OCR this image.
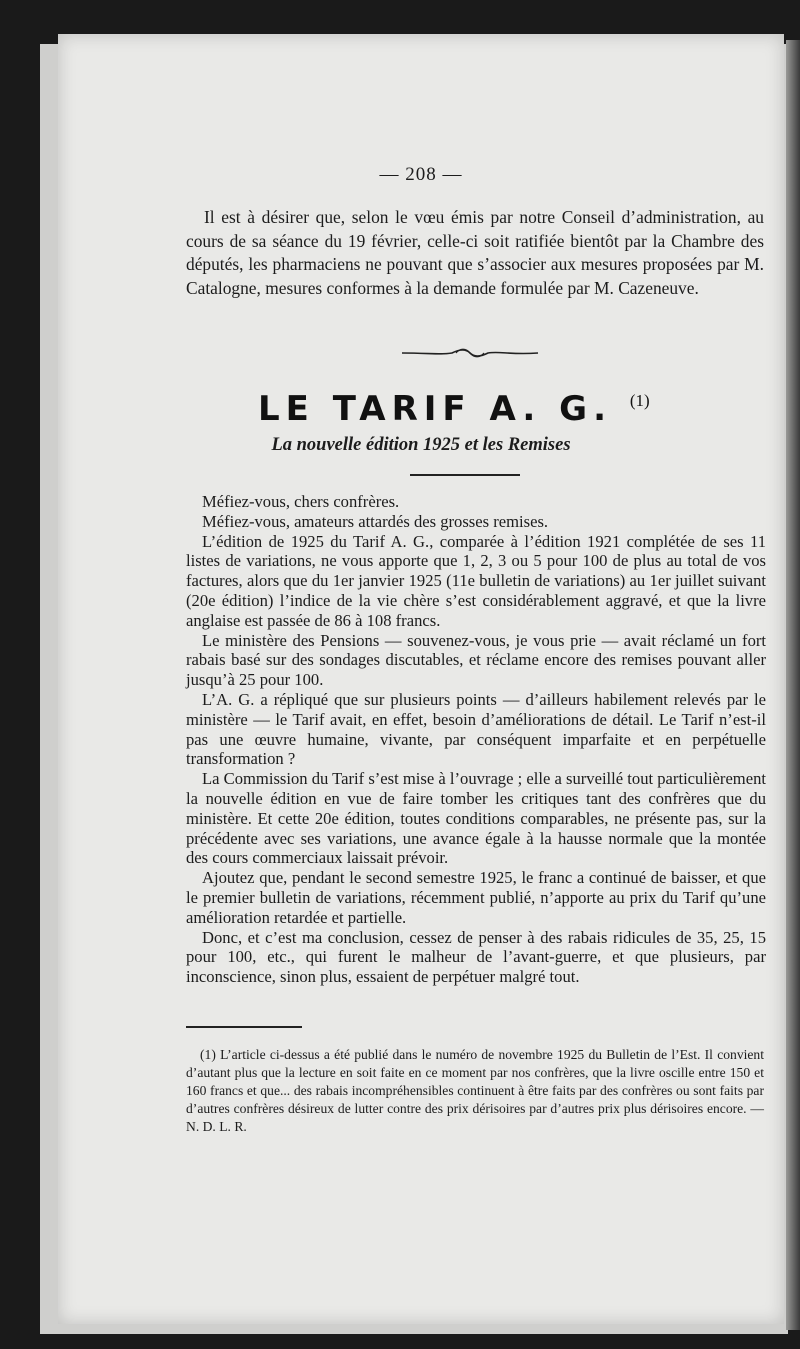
— 208 —

Il est à désirer que, selon le vœu émis par notre Conseil d’administration, au cours de sa séance du 19 février, celle-ci soit ratifiée bientôt par la Chambre des députés, les pharmaciens ne pouvant que s’associer aux mesures proposées par M. Catalogne, mesures conformes à la demande formulée par M. Cazeneuve.

LE TARIF A. G. $^{(1)}$
La nouvelle édition 1925 et les Remises

Méfiez-vous, chers confrères.

Méfiez-vous, amateurs attardés des grosses remises.

L’édition de 1925 du Tarif A. G., comparée à l’édition 1921 complétée de ses 11 listes de variations, ne vous apporte que 1, 2, 3 ou 5 pour 100 de plus au total de vos factures, alors que du 1er janvier 1925 (11e bulletin de variations) au 1er juillet suivant (20e édition) l’indice de la vie chère s’est considérablement aggravé, et que la livre anglaise est passée de 86 à 108 francs.

Le ministère des Pensions — souvenez-vous, je vous prie — avait réclamé un fort rabais basé sur des sondages discutables, et réclame encore des remises pouvant aller jusqu’à 25 pour 100.

L’A. G. a répliqué que sur plusieurs points — d’ailleurs habilement relevés par le ministère — le Tarif avait, en effet, besoin d’améliorations de détail. Le Tarif n’est-il pas une œuvre humaine, vivante, par conséquent imparfaite et en perpétuelle transformation ?

La Commission du Tarif s’est mise à l’ouvrage ; elle a surveillé tout particulièrement la nouvelle édition en vue de faire tomber les critiques tant des confrères que du ministère. Et cette 20e édition, toutes conditions comparables, ne présente pas, sur la précédente avec ses variations, une avance égale à la hausse normale que la montée des cours commerciaux laissait prévoir.

Ajoutez que, pendant le second semestre 1925, le franc a continué de baisser, et que le premier bulletin de variations, récemment publié, n’apporte au prix du Tarif qu’une amélioration retardée et partielle.

Donc, et c’est ma conclusion, cessez de penser à des rabais ridicules de 35, 25, 15 pour 100, etc., qui furent le malheur de l’avant-guerre, et que plusieurs, par inconscience, sinon plus, essaient de perpétuer malgré tout.

(1) L’article ci-dessus a été publié dans le numéro de novembre 1925 du Bulletin de l’Est. Il convient d’autant plus que la lecture en soit faite en ce moment par nos confrères, que la livre oscille entre 150 et 160 francs et que... des rabais incompréhensibles continuent à être faits par des confrères ou sont faits par d’autres confrères désireux de lutter contre des prix dérisoires par d’autres prix plus dérisoires encore. — N. D. L. R.
